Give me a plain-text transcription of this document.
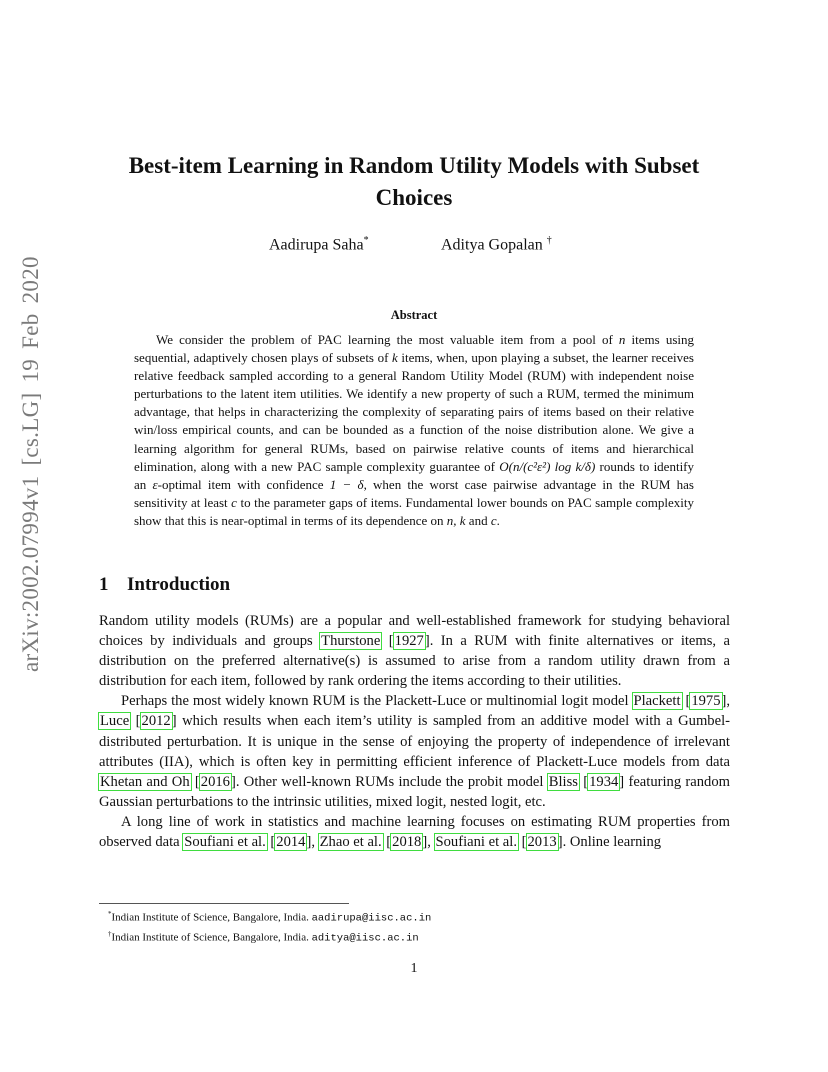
arXiv:2002.07994v1 [cs.LG] 19 Feb 2020
Best-item Learning in Random Utility Models with Subset Choices
Aadirupa Saha*	Aditya Gopalan †
Abstract

We consider the problem of PAC learning the most valuable item from a pool of n items using sequential, adaptively chosen plays of subsets of k items, when, upon playing a subset, the learner receives relative feedback sampled according to a general Random Utility Model (RUM) with independent noise perturbations to the latent item utilities. We identify a new property of such a RUM, termed the minimum advantage, that helps in characterizing the complexity of separating pairs of items based on their relative win/loss empirical counts, and can be bounded as a function of the noise distribution alone. We give a learning algorithm for general RUMs, based on pairwise relative counts of items and hierarchical elimination, along with a new PAC sample complexity guarantee of O(n/(c²ε²) log k/δ) rounds to identify an ε-optimal item with confidence 1 − δ, when the worst case pairwise advantage in the RUM has sensitivity at least c to the parameter gaps of items. Fundamental lower bounds on PAC sample complexity show that this is near-optimal in terms of its dependence on n, k and c.

1 Introduction

Random utility models (RUMs) are a popular and well-established framework for studying behavioral choices by individuals and groups Thurstone [1927]. In a RUM with finite alternatives or items, a distribution on the preferred alternative(s) is assumed to arise from a random utility drawn from a distribution for each item, followed by rank ordering the items according to their utilities.

Perhaps the most widely known RUM is the Plackett-Luce or multinomial logit model Plackett [1975], Luce [2012] which results when each item’s utility is sampled from an additive model with a Gumbel-distributed perturbation. It is unique in the sense of enjoying the property of independence of irrelevant attributes (IIA), which is often key in permitting efficient inference of Plackett-Luce models from data Khetan and Oh [2016]. Other well-known RUMs include the probit model Bliss [1934] featuring random Gaussian perturbations to the intrinsic utilities, mixed logit, nested logit, etc.

A long line of work in statistics and machine learning focuses on estimating RUM properties from observed data Soufiani et al. [2014], Zhao et al. [2018], Soufiani et al. [2013]. Online learning

*Indian Institute of Science, Bangalore, India. aadirupa@iisc.ac.in
†Indian Institute of Science, Bangalore, India. aditya@iisc.ac.in
1
